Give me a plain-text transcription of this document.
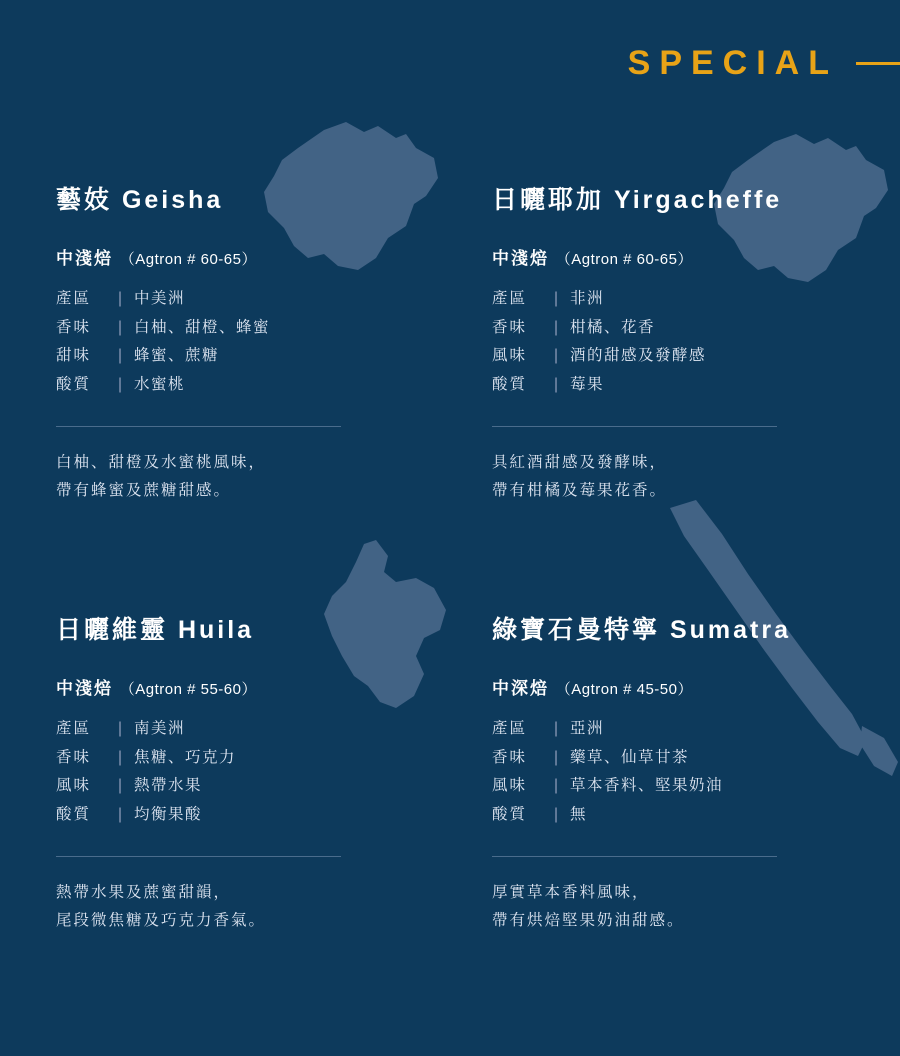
SPECIAL
藝妓 Geisha
中淺焙 （Agtron # 60-65）
產區	| 中美洲
香味	| 白柚、甜橙、蜂蜜
甜味	| 蜂蜜、蔗糖
酸質	| 水蜜桃
白柚、甜橙及水蜜桃風味，
帶有蜂蜜及蔗糖甜感。
日曬耶加 Yirgacheffe
中淺焙 （Agtron # 60-65）
產區	| 非洲
香味	| 柑橘、花香
風味	| 酒的甜感及發酵感
酸質	| 莓果
具紅酒甜感及發酵味，
帶有柑橘及莓果花香。
日曬維靈 Huila
中淺焙 （Agtron # 55-60）
產區	| 南美洲
香味	| 焦糖、巧克力
風味	| 熱帶水果
酸質	| 均衡果酸
熱帶水果及蔗蜜甜韻，
尾段微焦糖及巧克力香氣。
綠寶石曼特寧 Sumatra
中深焙 （Agtron # 45-50）
產區	| 亞洲
香味	| 藥草、仙草甘茶
風味	| 草本香料、堅果奶油
酸質	| 無
厚實草本香料風味，
帶有烘焙堅果奶油甜感。
